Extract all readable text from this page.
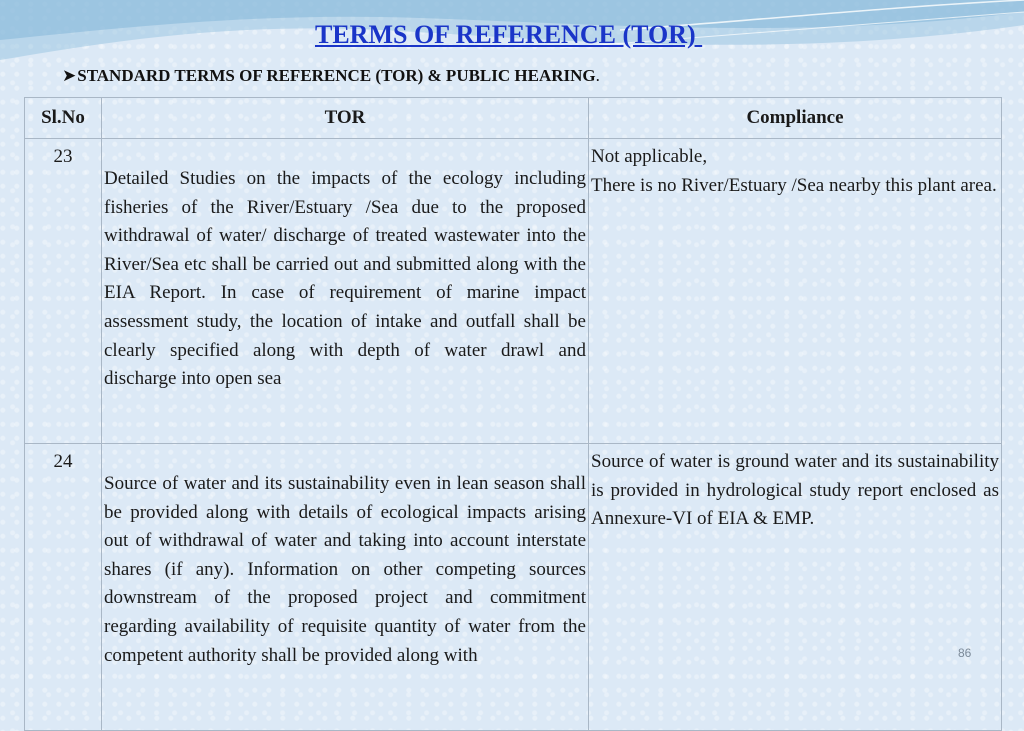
TERMS OF REFERENCE (TOR)
➤STANDARD TERMS OF REFERENCE (TOR) & PUBLIC HEARING.
Sl.No	TOR	Compliance
23	Detailed Studies on the impacts of the ecology including fisheries of the River/Estuary /Sea due to the proposed withdrawal of water/ discharge of treated wastewater into the River/Sea etc shall be carried out and submitted along with the EIA Report. In case of requirement of marine impact assessment study, the location of intake and outfall shall be clearly specified along with depth of water drawl and discharge into open sea	Not applicable,
There is no River/Estuary /Sea nearby this plant area.

24	Source of water and its sustainability even in lean season shall be provided along with details of ecological impacts arising out of withdrawal of water and taking into account interstate shares (if any). Information on other competing sources downstream of the proposed project and commitment regarding availability of requisite quantity of water from the competent authority shall be provided along with	Source of water is ground water and its sustainability is provided in hydrological study report enclosed as Annexure-VI of EIA & EMP.
86
